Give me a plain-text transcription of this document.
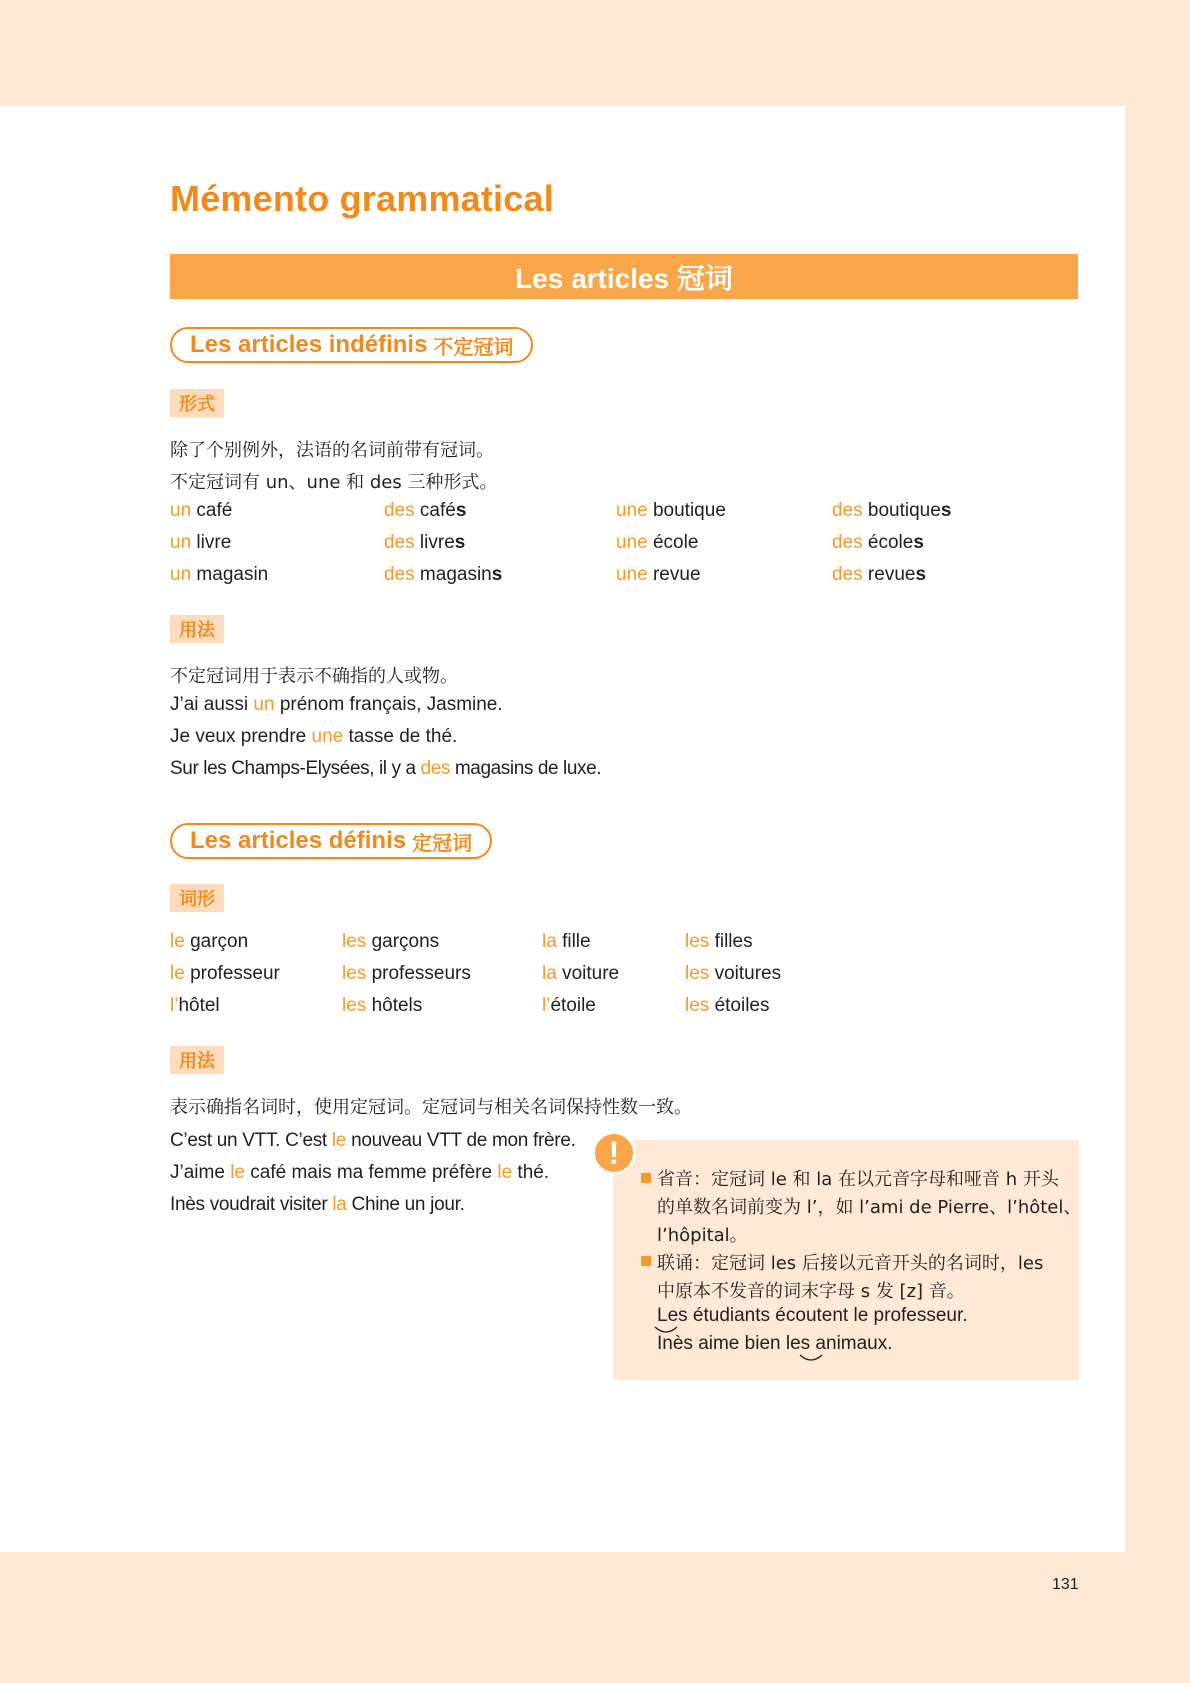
Mémento grammatical
Les articles 冠词
Les articles indéfinis 不定冠词
形式
除了个别例外，法语的名词前带有冠词。
不定冠词有 un、une 和 des 三种形式。
un café	des cafés	une boutique	des boutiques
un livre	des livres	une école	des écoles
un magasin	des magasins	une revue	des revues
用法
不定冠词用于表示不确指的人或物。
J’ai aussi un prénom français, Jasmine.
Je veux prendre une tasse de thé.
Sur les Champs-Elysées, il y a des magasins de luxe.
Les articles définis 定冠词
词形
le garçon	les garçons	la fille	les filles
le professeur	les professeurs	la voiture	les voitures
l’hôtel	les hôtels	l’étoile	les étoiles
用法
表示确指名词时，使用定冠词。定冠词与相关名词保持性数一致。
C’est un VTT. C’est le nouveau VTT de mon frère.
J’aime le café mais ma femme préfère le thé.
Inès voudrait visiter la Chine un jour.
!
省音：定冠词 le 和 la 在以元音字母和哑音 h 开头
的单数名词前变为 l’，如 l’ami de Pierre、l’hôtel、
l’hôpital。
联诵：定冠词 les 后接以元音开头的名词时，les
中原本不发音的词末字母 s 发 [z] 音。
Les
étudiants écoutent le professeur.
Inès aime bien les
animaux.
131
